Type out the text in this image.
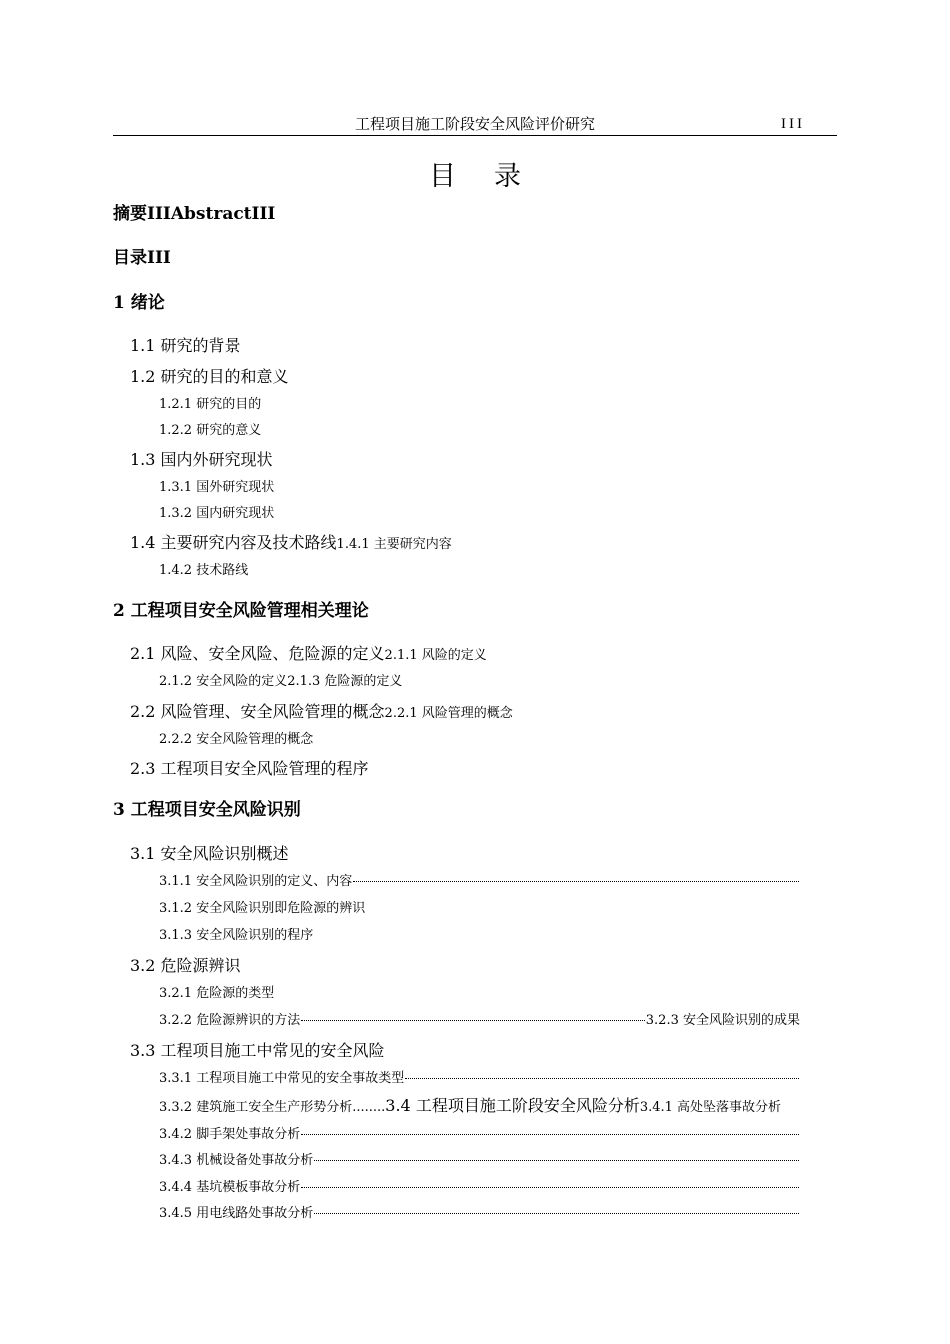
工程项目施工阶段安全风险评价研究	III
目录
摘要IIIAbstractIII
目录III
1 绪论
1.1 研究的背景
1.2 研究的目的和意义
1.2.1 研究的目的
1.2.2 研究的意义
1.3 国内外研究现状
1.3.1 国外研究现状
1.3.2 国内研究现状
1.4 主要研究内容及技术路线1.4.1 主要研究内容
1.4.2 技术路线
2 工程项目安全风险管理相关理论
2.1 风险、安全风险、危险源的定义2.1.1 风险的定义
2.1.2 安全风险的定义2.1.3 危险源的定义
2.2 风险管理、安全风险管理的概念2.2.1 风险管理的概念
2.2.2 安全风险管理的概念
2.3 工程项目安全风险管理的程序
3 工程项目安全风险识别
3.1 安全风险识别概述
3.1.1 安全风险识别的定义、内容
3.1.2 安全风险识别即危险源的辨识
3.1.3 安全风险识别的程序
3.2 危险源辨识
3.2.1 危险源的类型
3.2.2 危险源辨识的方法	3.2.3 安全风险识别的成果
3.3 工程项目施工中常见的安全风险
3.3.1 工程项目施工中常见的安全事故类型
3.3.2 建筑施工安全生产形势分析........3.4 工程项目施工阶段安全风险分析3.4.1 高处坠落事故分析
3.4.2 脚手架处事故分析
3.4.3 机械设备处事故分析
3.4.4 基坑模板事故分析
3.4.5 用电线路处事故分析
